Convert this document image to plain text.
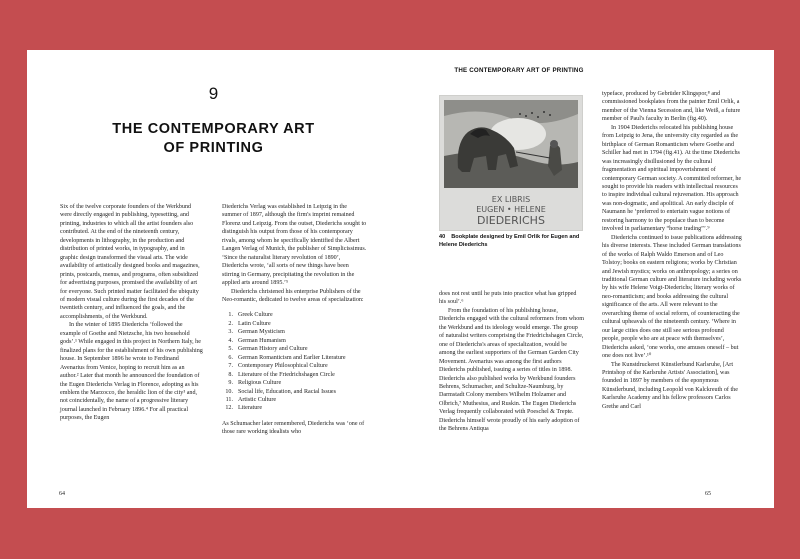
9
THE CONTEMPORARY ART
OF PRINTING

Six of the twelve corporate founders of the Werkbund were directly engaged in publishing, typesetting, and printing, industries to which all the artist founders also contributed. At the end of the nineteenth century, developments in lithography, in the production and distribution of printed works, in typography, and in graphic design transformed the visual arts. The wide availability of artistically designed books and magazines, prints, postcards, menus, and programs, often subsidized for advertising purposes, promised the availability of art for everyone. Such printed matter facilitated the ubiquity of modern visual culture during the first decades of the twentieth century, and influenced the goals, and the accomplishments, of the Werkbund.

In the winter of 1895 Diederichs ‘followed the example of Goethe and Nietzsche, his two household gods’.¹ While engaged in this project in Northern Italy, he finalized plans for the establishment of his own publishing house. In September 1896 he wrote to Ferdinand Avenarius from Venice, hoping to recruit him as an author.² Later that month he announced the foundation of the Eugen Diederichs Verlag in Florence, adopting as his emblem the Marzocco, the heraldic lion of the city³ and, not coincidentally, the name of a progressive literary journal launched in February 1896.⁴ For all practical purposes, the Eugen

Diederichs Verlag was established in Leipzig in the summer of 1897, although the firm's imprint remained Florenz und Leipzig. From the outset, Diederichs sought to distinguish his output from those of his contemporary rivals, among whom he specifically identified the Albert Langen Verlag of Munich, the publisher of Simplicissimus. ‘Since the naturalist literary revolution of 1890’, Diederichs wrote, ‘all sorts of new things have been stirring in Germany, precipitating the revolution in the applied arts around 1895.’⁵

Diederichs christened his enterprise Publishers of the Neo-romantic, dedicated to twelve areas of specialization:

1. Greek Culture
2. Latin Culture
3. German Mysticism
4. German Humanism
5. German History and Culture
6. German Romanticism and Earlier Literature
7. Contemporary Philosophical Culture
8. Literature of the Friedrichshagen Circle
9. Religious Culture
10. Social life, Education, and Racial Issues
11. Artistic Culture
12. Literature

As Schumacher later remembered, Diederichs was ‘one of those rare working idealists who

64
THE CONTEMPORARY ART OF PRINTING
EX LIBRIS
EUGEN • HELENE
DIEDERICHS
40 Bookplate designed by Emil Orlik for Eugen and Helene Diederichs

does not rest until he puts into practice what has gripped his soul’.⁶

From the foundation of his publishing house, Diederichs engaged with the cultural reformers from whom the Werkbund and its ideology would emerge. The group of naturalist writers comprising the Friedrichshagen Circle, one of Diederichs's areas of specialization, would be among the earliest supporters of the German Garden City Movement. Avenarius was among the first authors Diederichs published, issuing a series of titles in 1898. Diederichs also published works by Werkbund founders Behrens, Schumacher, and Schultze-Naumburg, by Darmstadt Colony members Wilhelm Holzamer and Olbrich,⁷ Muthesius, and Ruskin. The Eugen Diederichs Verlag frequently collaborated with Poeschel & Trepte. Diederichs himself wrote proudly of his early adoption of the Behrens Antiqua

typeface, produced by Gebrüder Klingspor,⁸ and commissioned bookplates from the painter Emil Orlik, a member of the Vienna Secession and, like Weiß, a future member of Paul's faculty in Berlin (fig.40).

In 1904 Diederichs relocated his publishing house from Leipzig to Jena, the university city regarded as the birthplace of German Romanticism where Goethe and Schiller had met in 1794 (fig.41). At the time Diederichs was increasingly disillusioned by the cultural fragmentation and spiritual impoverishment of contemporary German society. A committed reformer, he sought to provide his readers with intellectual resources to inspire individual cultural rejuvenation. His approach was non-dogmatic, and apolitical. An early disciple of Naumann he ‘preferred to entertain vague notions of restoring harmony to the populace than to become involved in parliamentary “horse trading”’.⁹

Diederichs continued to issue publications addressing his diverse interests. These included German translations of the works of Ralph Waldo Emerson and of Leo Tolstoy; books on eastern religions; works by Christian and Jewish mystics; works on anthropology; a series on traditional German culture and literature including works by his wife Helene Voigt-Diederichs; literary works of neo-romanticism; and books addressing the cultural significance of the arts. All were relevant to the overarching theme of social reform, of counteracting the cultural upheavals of the nineteenth century. ‘Where in our large cities does one still see serious profound people, people who are at peace with themselves’, Diederichs asked, ‘one works, one amuses oneself – but one does not live’.¹⁰

The Kunstdruckerei Künstlerbund Karlsruhe, [Art Printshop of the Karlsruhe Artists' Association], was founded in 1897 by members of the eponymous Künstlerbund, including Leopold von Kalckreuth of the Karlsruhe Academy and his fellow professors Carlos Grethe and Carl

65
